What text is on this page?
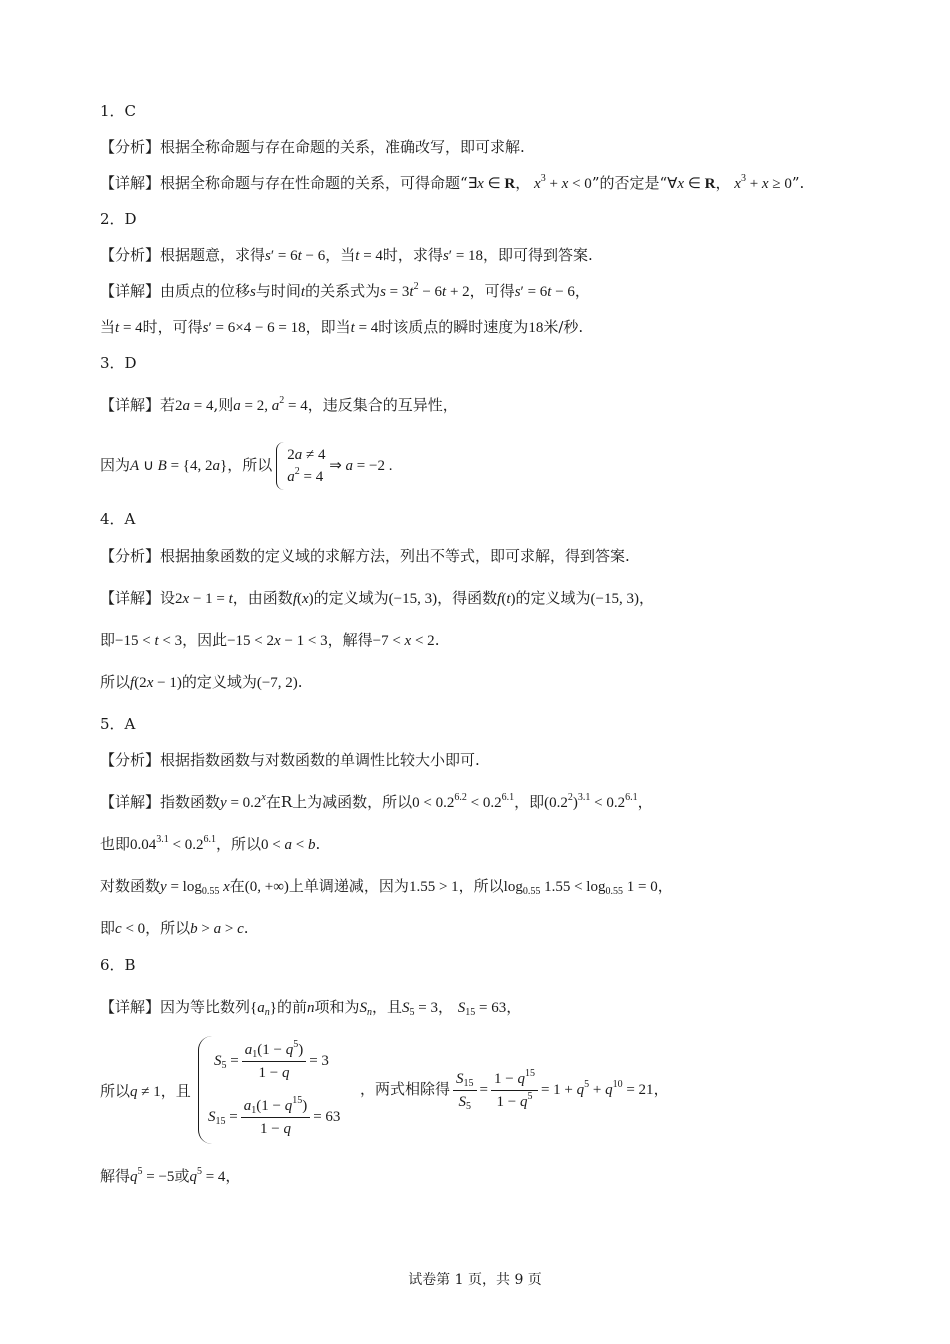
1．C
【分析】根据全称命题与存在命题的关系，准确改写，即可求解.
【详解】根据全称命题与存在性命题的关系，可得命题“∃x ∈ R， $x^3 + x < 0$”的否定是“∀x ∈ R， $x^3 + x \ge 0$”.
2．D
【分析】根据题意，求得s′ = 6t − 6，当t = 4时，求得s′ = 18，即可得到答案.
【详解】由质点的位移s与时间t的关系式为$s = 3t^2 - 6t + 2$，可得s′ = 6t − 6，
当t = 4时，可得s′ = 6×4 − 6 = 18，即当t = 4时该质点的瞬时速度为18米/秒.
3．D
【详解】若2a = 4,则a = 2, $a^2 = 4$，违反集合的互异性，
因为A ∪ B = {4, 2a}，所以
2a ≠ 4
$a^2 = 4$
⇒ a = −2 .
4．A
【分析】根据抽象函数的定义域的求解方法，列出不等式，即可求解，得到答案.
【详解】设2x − 1 = t，由函数f(x)的定义域为(−15, 3)，得函数f(t)的定义域为(−15, 3)，
即−15 < t < 3，因此−15 < 2x − 1 < 3，解得−7 < x < 2.
所以f(2x − 1)的定义域为(−7, 2).
5．A
【分析】根据指数函数与对数函数的单调性比较大小即可.
【详解】指数函数$y = 0.2^x$在R上为减函数，所以$0 < 0.2^{6.2} < 0.2^{6.1}$，即$(0.2^2)^{3.1} < 0.2^{6.1}$，
也即$0.04^{3.1} < 0.2^{6.1}$，所以0 < a < b.
对数函数$y = \log_{0.55} x$在(0, +∞)上单调递减，因为1.55 > 1，所以$\log_{0.55} 1.55 < \log_{0.55} 1 = 0$，
即c < 0，所以b > a > c.
6．B
【详解】因为等比数列$\{a_n\}$的前n项和为$S_n$，且$S_5 = 3$， $S_{15} = 63$，
所以q ≠ 1，且
$S_5 = \frac{a_1(1 - q^5)}{1 - q} = 3$
$S_{15} = \frac{a_1(1 - q^{15})}{1 - q} = 63$
，两式相除得 $\frac{S_{15}}{S_5} = \frac{1 - q^{15}}{1 - q^5} = 1 + q^5 + q^{10} = 21$，
解得$q^5 = -5$或$q^5 = 4$，
试卷第 1 页，共 9 页
